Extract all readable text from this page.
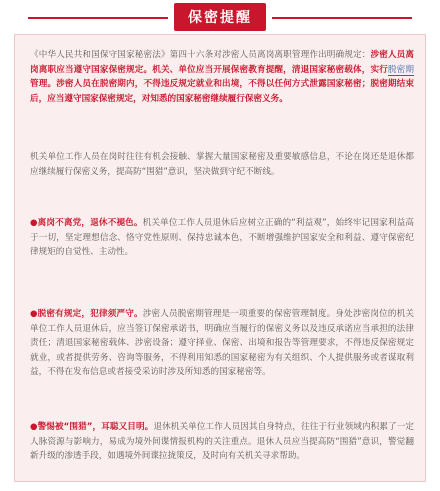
保密提醒
《中华人民共和国保守国家秘密法》第四十六条对涉密人员离岗离职管理作出明确规定：涉密人员离岗离职应当遵守国家保密规定。机关、单位应当开展保密教育提醒，清退国家秘密载体，实行脱密期管理。涉密人员在脱密期内，不得违反规定就业和出境，不得以任何方式泄露国家秘密；脱密期结束后，应当遵守国家保密规定，对知悉的国家秘密继续履行保密义务。
机关单位工作人员在岗时往往有机会接触、掌握大量国家秘密及重要敏感信息，不论在岗还是退休都应继续履行保密义务，提高防“围猎”意识，坚决做到守纪不断线。
●离岗不离党，退休不褪色。机关单位工作人员退休后应树立正确的“利益观”，始终牢记国家利益高于一切，坚定理想信念、恪守党性原则、保持忠诚本色，不断增强维护国家安全和利益、遵守保密纪律规矩的自觉性、主动性。
●脱密有规定，犯律须严守。涉密人员脱密期管理是一项重要的保密管理制度。身处涉密岗位的机关单位工作人员退休后，应当签订保密承诺书，明确应当履行的保密义务以及违反承诺应当承担的法律责任；清退国家秘密载体、涉密设备；遵守择业、保密、出境和报告等管理要求，不得违反保密规定就业，或者提供劳务、咨询等服务，不得利用知悉的国家秘密为有关组织、个人提供服务或者谋取利益，不得在发布信息或者接受采访时涉及所知悉的国家秘密等。
●警惕被“围猎”，耳聪又目明。退休机关单位工作人员因其自身特点，往往于行业领域内积累了一定人脉资源与影响力，易成为境外间谍情报机构的关注重点。退休人员应当提高防“围猎”意识，警觉翻新升级的渗透手段，如遇境外间谍拉拢策反，及时向有关机关寻求帮助。
